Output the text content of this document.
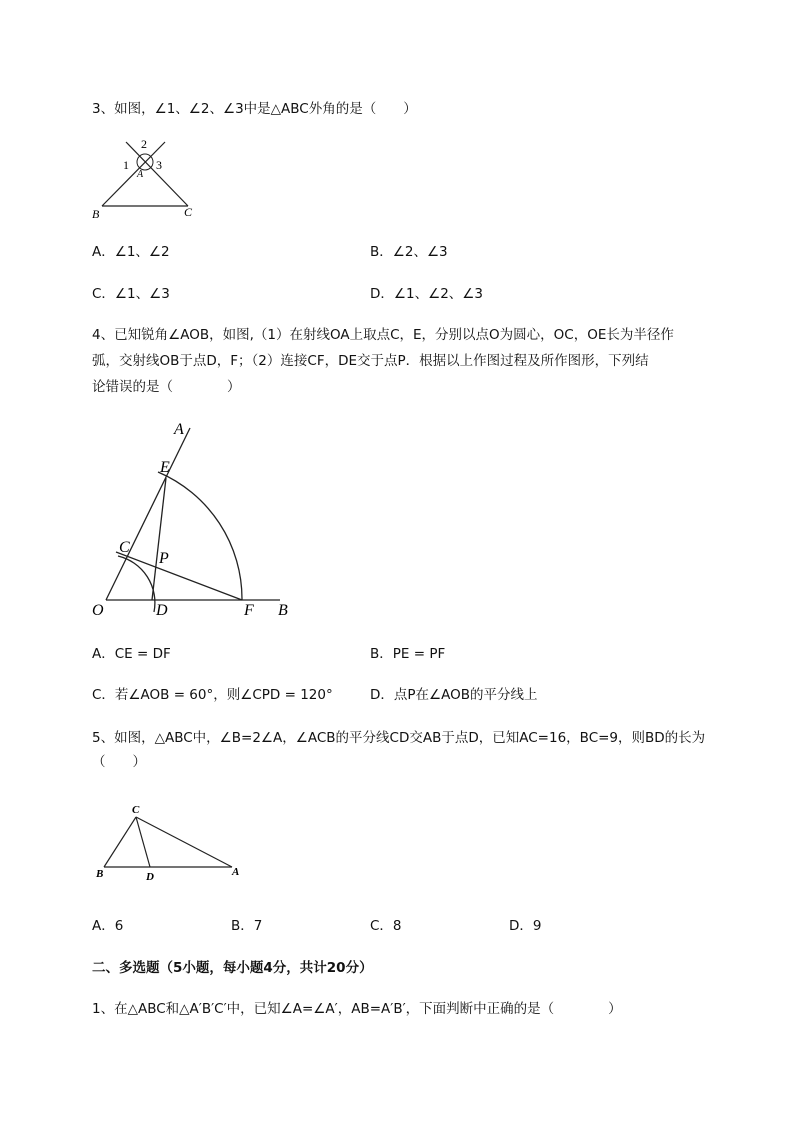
3、如图，∠1、∠2、∠3中是△ABC外角的是（　　）
2
1 3
A
B	C
A．∠1、∠2	B．∠2、∠3
C．∠1、∠3	D．∠1、∠2、∠3
4、已知锐角∠AOB，如图,（1）在射线OA上取点C，E，分别以点O为圆心，OC，OE长为半径作
弧，交射线OB于点D，F；（2）连接CF，DE交于点P．根据以上作图过程及所作图形，下列结
论错误的是（　　　　）
A
E
C
P
O	D	F B
A．CE = DF	B．PE = PF
C．若∠AOB = 60°，则∠CPD = 120°	D．点P在∠AOB的平分线上
5、如图，△ABC中，∠B=2∠A，∠ACB的平分线CD交AB于点D，已知AC=16，BC=9，则BD的长为
（　　）
C
B	D	A
A．6	B．7	C．8	D．9
二、多选题（5小题，每小题4分，共计20分）
1、在△ABC和△A′B′C′中，已知∠A=∠A′，AB=A′B′，下面判断中正确的是（　　　　）
